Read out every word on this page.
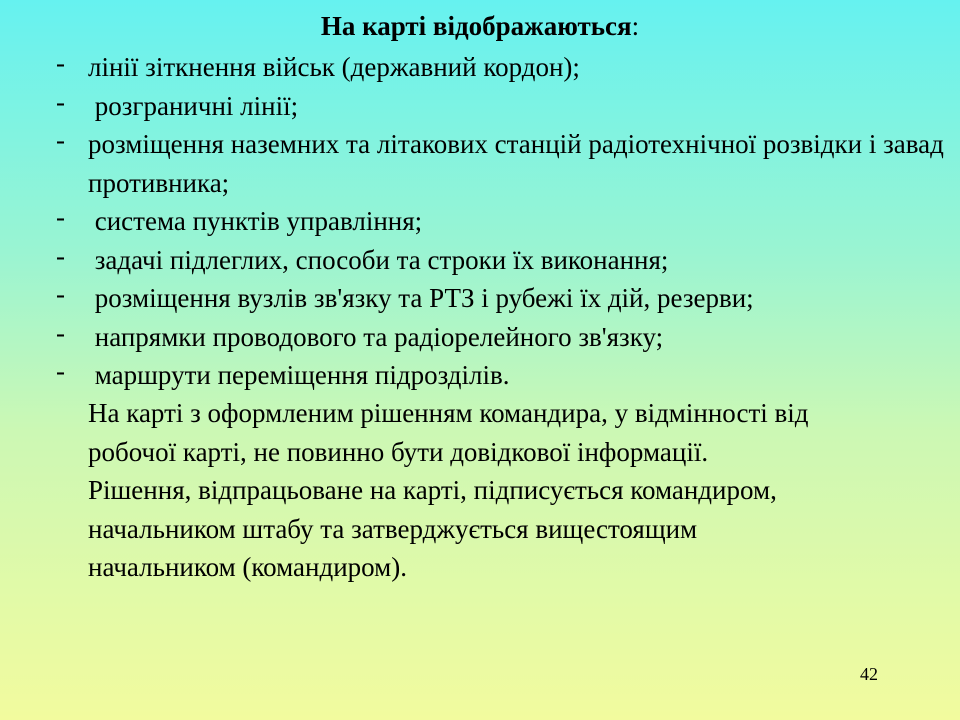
На карті відображаються:
- лінії зіткнення військ (державний кордон);
- розграничні лінії;
- розміщення наземних та літакових станцій радіотехнічної розвідки і завад противника;
- система пунктів управління;
- задачі підлеглих, способи та строки їх виконання;
- розміщення вузлів зв'язку та РТЗ і рубежі їх дій, резерви;
- напрямки проводового та радіорелейного зв'язку;
- маршрути переміщення підрозділів.
На карті з оформленим рішенням командира, у відмінності від
робочої карті, не повинно бути довідкової інформації.
Рішення, відпрацьоване на карті, підписується командиром,
начальником штабу та затверджується вищестоящим
начальником (командиром).
42
